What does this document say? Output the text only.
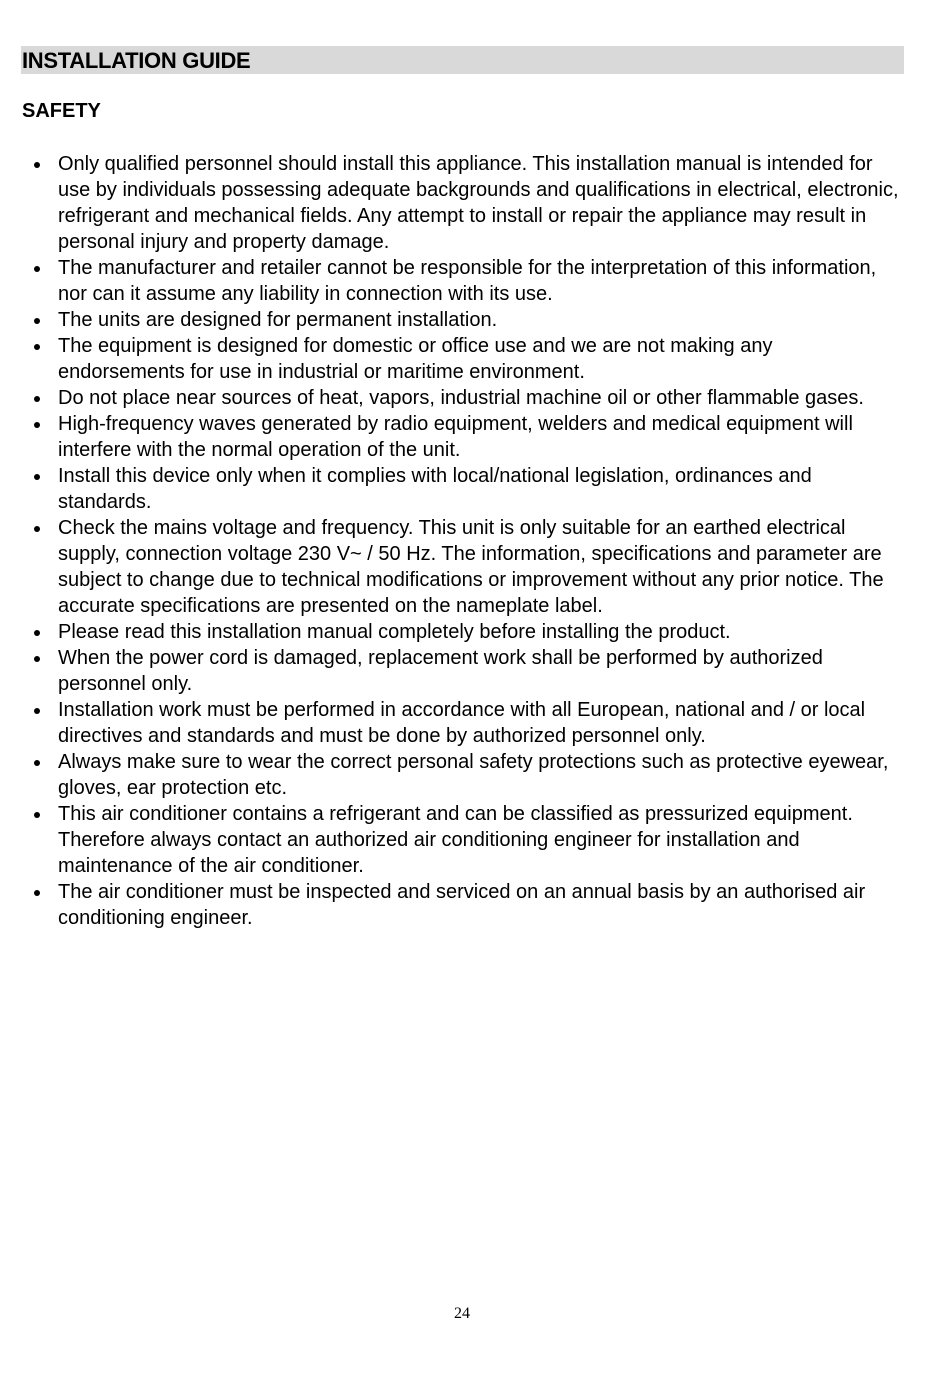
INSTALLATION GUIDE
SAFETY
Only qualified personnel should install this appliance. This installation manual is intended for use by individuals possessing adequate backgrounds and qualifications in electrical, electronic, refrigerant and mechanical fields. Any attempt to install or repair the appliance may result in personal injury and property damage.
The manufacturer and retailer cannot be responsible for the interpretation of this information, nor can it assume any liability in connection with its use.
The units are designed for permanent installation.
The equipment is designed for domestic or office use and we are not making any endorsements for use in industrial or maritime environment.
Do not place near sources of heat, vapors, industrial machine oil or other flammable gases.
High-frequency waves generated by radio equipment, welders and medical equipment will interfere with the normal operation of the unit.
Install this device only when it complies with local/national legislation, ordinances and standards.
Check the mains voltage and frequency. This unit is only suitable for an earthed electrical supply, connection voltage 230 V~ / 50 Hz. The information, specifications and parameter are subject to change due to technical modifications or improvement without any prior notice. The accurate specifications are presented on the nameplate label.
Please read this installation manual completely before installing the product.
When the power cord is damaged, replacement work shall be performed by authorized personnel only.
Installation work must be performed in accordance with all European, national and / or local directives and standards and must be done by authorized personnel only.
Always make sure to wear the correct personal safety protections such as protective eyewear, gloves, ear protection etc.
This air conditioner contains a refrigerant and can be classified as pressurized equipment. Therefore always contact an authorized air conditioning engineer for installation and maintenance of the air conditioner.
The air conditioner must be inspected and serviced on an annual basis by an authorised air conditioning engineer.
24
